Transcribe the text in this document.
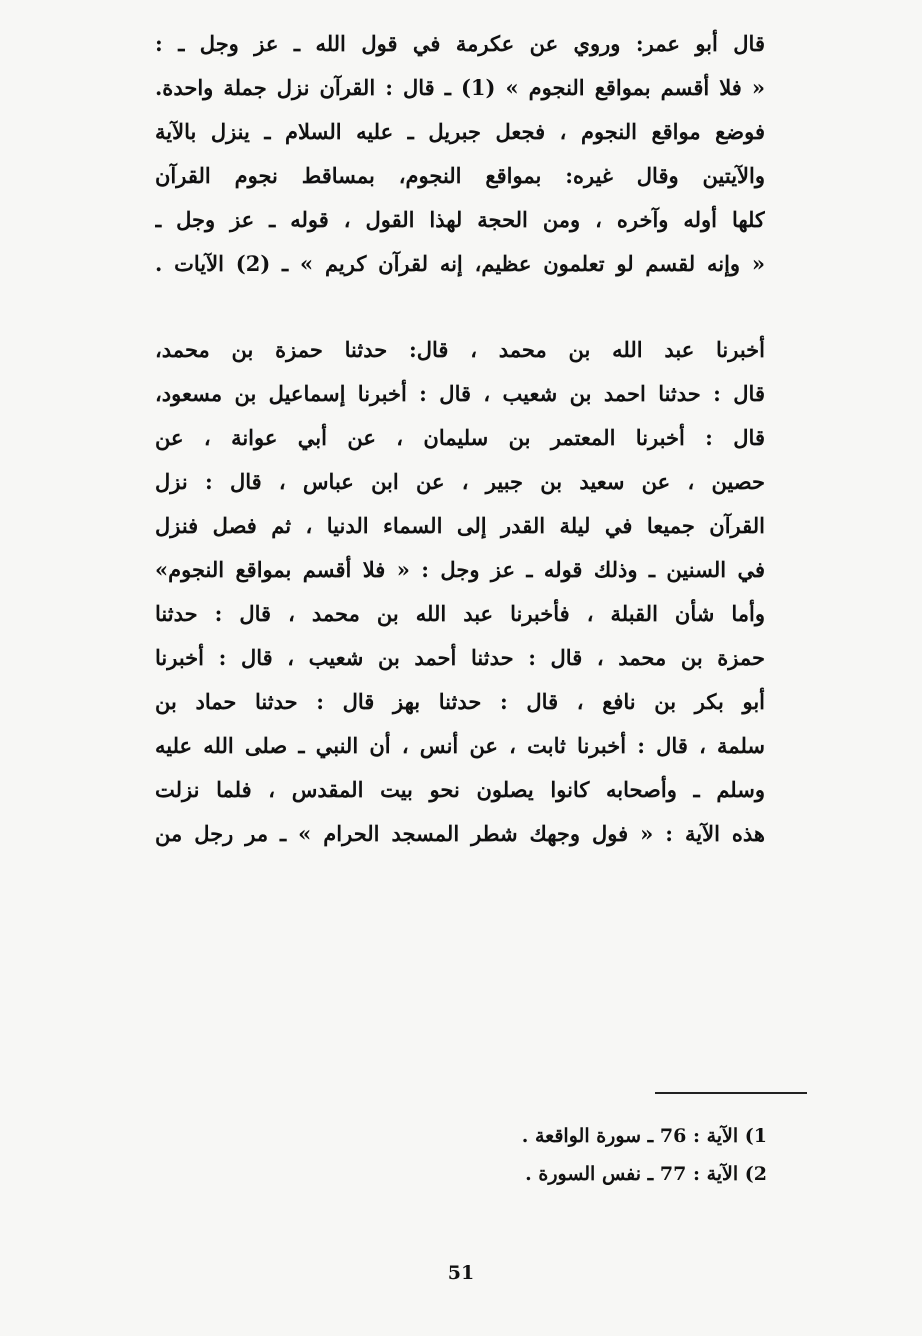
قال أبو عمر: وروي عن عكرمة في قول الله ـ عز وجل ـ :
« فلا أقسم بمواقع النجوم » (1) ـ قال : القرآن نزل جملة واحدة.
فوضع مواقع النجوم ، فجعل جبريل ـ عليه السلام ـ ينزل بالآية
والآيتين وقال غيره: بمواقع النجوم، بمساقط نجوم القرآن
كلها أوله وآخره ، ومن الحجة لهذا القول ، قوله ـ عز وجل ـ
« وإنه لقسم لو تعلمون عظيم، إنه لقرآن كريم » ـ (2) الآيات .
أخبرنا عبد الله بن محمد ، قال: حدثنا حمزة بن محمد،
قال : حدثنا احمد بن شعيب ، قال : أخبرنا إسماعيل بن مسعود،
قال : أخبرنا المعتمر بن سليمان ، عن أبي عوانة ، عن
حصين ، عن سعيد بن جبير ، عن ابن عباس ، قال : نزل
القرآن جميعا في ليلة القدر إلى السماء الدنيا ، ثم فصل فنزل
في السنين ـ وذلك قوله ـ عز وجل : « فلا أقسم بمواقع النجوم»
وأما شأن القبلة ، فأخبرنا عبد الله بن محمد ، قال : حدثنا
حمزة بن محمد ، قال : حدثنا أحمد بن شعيب ، قال : أخبرنا
أبو بكر بن نافع ، قال : حدثنا بهز قال : حدثنا حماد بن
سلمة ، قال : أخبرنا ثابت ، عن أنس ، أن النبي ـ صلى الله عليه
وسلم ـ وأصحابه كانوا يصلون نحو بيت المقدس ، فلما نزلت
هذه الآية : « فول وجهك شطر المسجد الحرام » ـ مر رجل من
1) الآية : 76 ـ سورة الواقعة .
2) الآية : 77 ـ نفس السورة .
51
